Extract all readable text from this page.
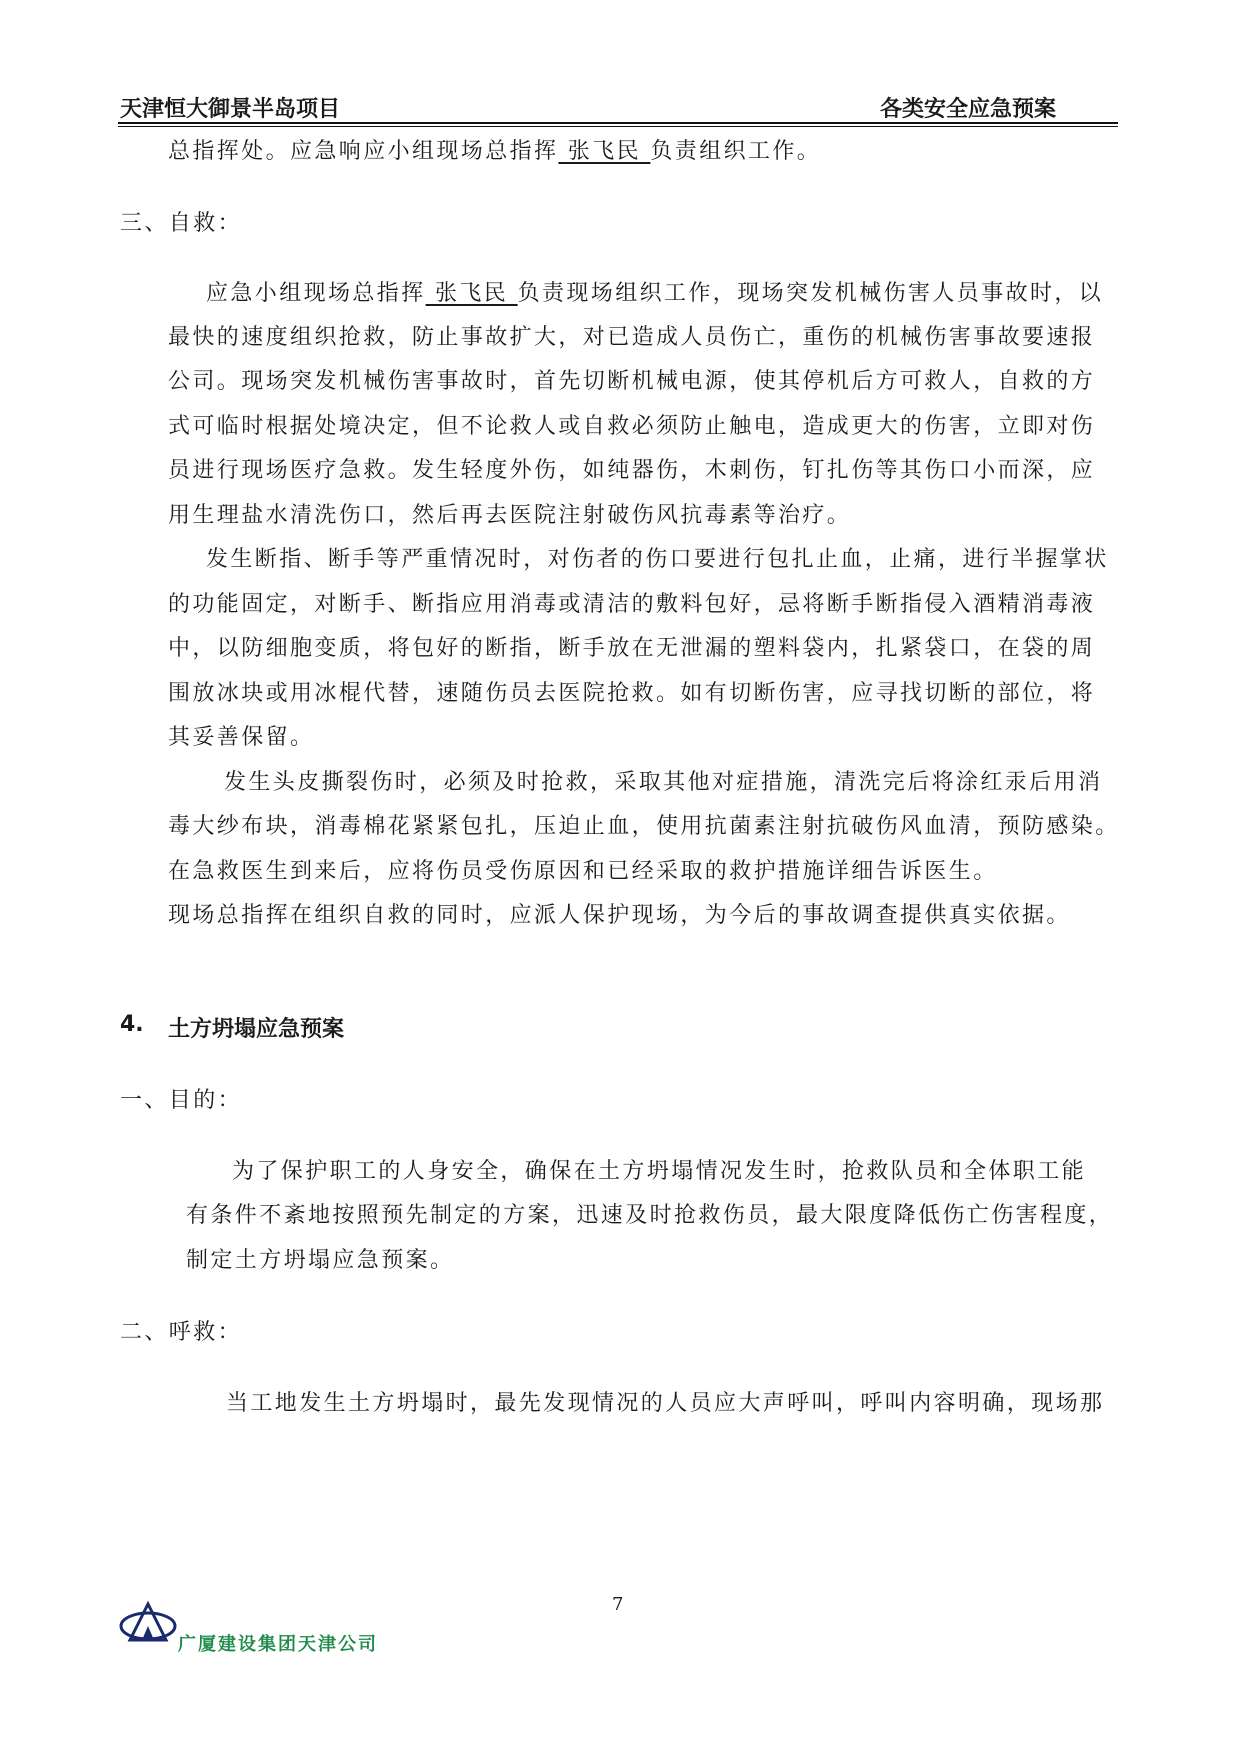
天津恒大御景半岛项目	各类安全应急预案
总指挥处。应急响应小组现场总指挥 张飞民 负责组织工作。
三、自救：
应急小组现场总指挥 张飞民 负责现场组织工作，现场突发机械伤害人员事故时，以
最快的速度组织抢救，防止事故扩大，对已造成人员伤亡，重伤的机械伤害事故要速报
公司。现场突发机械伤害事故时，首先切断机械电源，使其停机后方可救人，自救的方
式可临时根据处境决定，但不论救人或自救必须防止触电，造成更大的伤害，立即对伤
员进行现场医疗急救。发生轻度外伤，如纯器伤，木刺伤，钉扎伤等其伤口小而深，应
用生理盐水清洗伤口，然后再去医院注射破伤风抗毒素等治疗。
发生断指、断手等严重情况时，对伤者的伤口要进行包扎止血，止痛，进行半握掌状
的功能固定，对断手、断指应用消毒或清洁的敷料包好，忌将断手断指侵入酒精消毒液
中，以防细胞变质，将包好的断指，断手放在无泄漏的塑料袋内，扎紧袋口，在袋的周
围放冰块或用冰棍代替，速随伤员去医院抢救。如有切断伤害，应寻找切断的部位，将
其妥善保留。
发生头皮撕裂伤时，必须及时抢救，采取其他对症措施，清洗完后将涂红汞后用消
毒大纱布块，消毒棉花紧紧包扎，压迫止血，使用抗菌素注射抗破伤风血清，预防感染。
在急救医生到来后，应将伤员受伤原因和已经采取的救护措施详细告诉医生。
现场总指挥在组织自救的同时，应派人保护现场，为今后的事故调查提供真实依据。
4. 土方坍塌应急预案
一、目的：
为了保护职工的人身安全，确保在土方坍塌情况发生时，抢救队员和全体职工能
有条件不紊地按照预先制定的方案，迅速及时抢救伤员，最大限度降低伤亡伤害程度，
制定土方坍塌应急预案。
二、呼救：
当工地发生土方坍塌时，最先发现情况的人员应大声呼叫，呼叫内容明确，现场那
7
广厦建设集团天津公司
